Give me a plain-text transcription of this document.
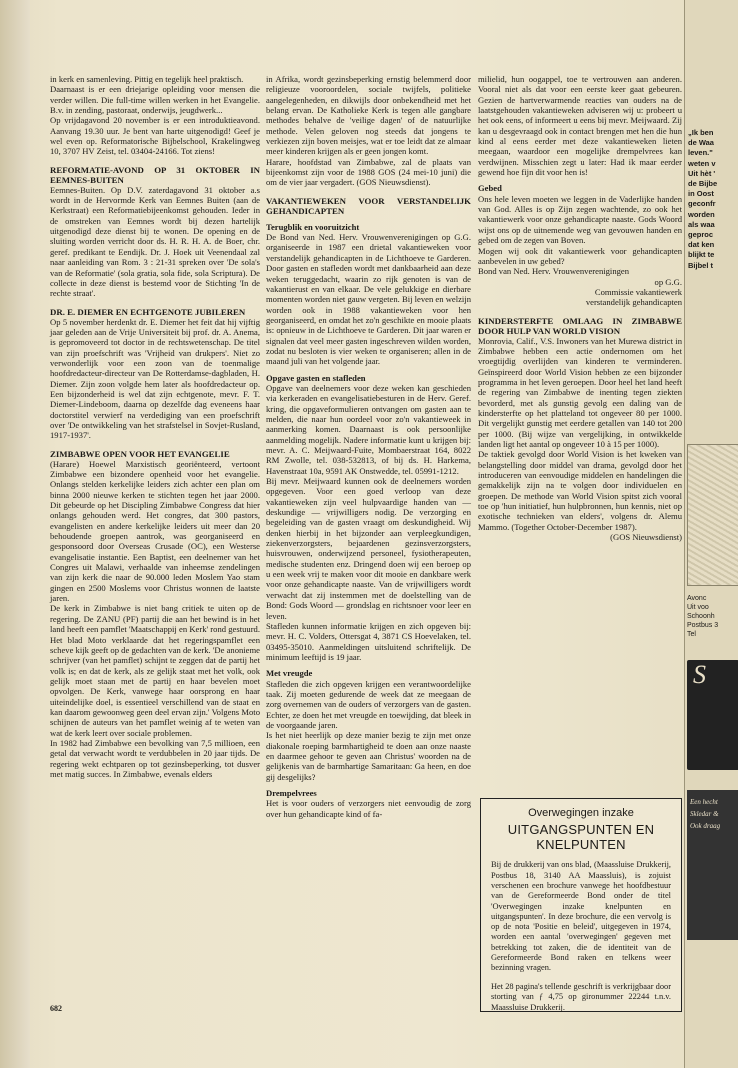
in kerk en samenleving. Pittig en tegelijk heel praktisch.

Daarnaast is er een driejarige opleiding voor mensen die verder willen. Die full-time willen werken in het Evangelie. B.v. in zending, pastoraat, onderwijs, jeugdwerk...

Op vrijdagavond 20 november is er een introduktieavond. Aanvang 19.30 uur. Je bent van harte uitgenodigd! Geef je wel even op. Reformatorische Bijbelschool, Krakelingweg 10, 3707 HV Zeist, tel. 03404-24166. Tot ziens!

REFORMATIE-AVOND OP 31 OKTOBER IN EEMNES-BUITEN

Eemnes-Buiten. Op D.V. zaterdagavond 31 oktober a.s wordt in de Hervormde Kerk van Eemnes Buiten (aan de Kerkstraat) een Reformatiebijeenkomst gehouden. Ieder in de omstreken van Eemnes wordt bij dezen hartelijk uitgenodigd deze dienst bij te wonen. De opening en de sluiting worden verricht door ds. H. R. H. A. de Boer, chr. geref. predikant te Eendijk. Dr. J. Hoek uit Veenendaal zal naar aanleiding van Rom. 3 : 21-31 spreken over 'De sola's van de Reformatie' (sola gratia, sola fide, sola Scriptura). De collecte in deze dienst is bestemd voor de Stichting 'In de rechte straat'.

DR. E. DIEMER EN ECHTGENOTE JUBILEREN

Op 5 november herdenkt dr. E. Diemer het feit dat hij vijftig jaar geleden aan de Vrije Universiteit bij prof. dr. A. Anema, is gepromoveerd tot doctor in de rechtswetenschap. De titel van zijn proefschrift was 'Vrijheid van drukpers'. Niet zo verwonderlijk voor een zoon van de toenmalige hoofdredacteur-directeur van De Rotterdamse-dagbladen, H. Diemer. Zijn zoon volgde hem later als hoofdredacteur op. Een bijzonderheid is wel dat zijn echtgenote, mevr. F. T. Diemer-Lindeboom, daarna op dezelfde dag eveneens haar doctorstitel verwierf na verdediging van een proefschrift over 'De ontwikkeling van het strafstelsel in Sovjet-Rusland, 1917-1937'.

ZIMBABWE OPEN VOOR HET EVANGELIE

(Harare) Hoewel Marxistisch georiënteerd, vertoont Zimbabwe een bizondere openheid voor het evangelie. Onlangs stelden kerkelijke leiders zich achter een plan om binna 2000 nieuwe kerken te stichten tegen het jaar 2000. Dit gebeurde op het Discipling Zimbabwe Congress dat hier onlangs gehouden werd. Het congres, dat 300 pastors, evangelisten en andere kerkelijke leiders uit meer dan 20 behoudende groepen aantrok, was georganiseerd en gesponsoord door Overseas Crusade (OC), een Westerse evangelisatie instantie. Een Baptist, een deelnemer van het Congres uit Malawi, verhaalde van inheemse zendelingen van zijn kerk die naar de 90.000 leden Moslem Yao stam gingen en 2500 Moslems voor Christus wonnen de laatste jaren.

De kerk in Zimbabwe is niet bang critiek te uiten op de regering. De ZANU (PF) partij die aan het bewind is in het land heeft een pamflet 'Maatschappij en Kerk' rond gestuurd. Het blad Moto verklaarde dat het regeringspamflet een scheve kijk geeft op de gedachten van de kerk. 'De anonieme schrijver (van het pamflet) schijnt te zeggen dat de partij het volk is; en dat de kerk, als ze gelijk staat met het volk, ook gelijk moet staan met de partij en haar bevelen moet opvolgen. De Kerk, vanwege haar oorsprong en haar uiteindelijke doel, is essentieel verschillend van de staat en kan daarom gewoonweg geen deel ervan zijn.' Volgens Moto schijnen de auteurs van het pamflet weinig af te weten van wat de kerk leert over sociale problemen.

In 1982 had Zimbabwe een bevolking van 7,5 millioen, een getal dat verwacht wordt te verdubbelen in 20 jaar tijds. De regering wekt echtparen op tot gezinsbeperking, tot dusver met matig succes. In Zimbabwe, evenals elders

in Afrika, wordt gezinsbeperking ernstig belemmerd door religieuze vooroordelen, sociale twijfels, politieke aangelegenheden, en dikwijls door onbekendheid met het belang ervan. De Katholieke Kerk is tegen alle gangbare methodes behalve de 'veilige dagen' of de natuurlijke methode. Velen geloven nog steeds dat jongens te verkiezen zijn boven meisjes, wat er toe leidt dat ze almaar meer kinderen krijgen als er geen jongen komt.

Harare, hoofdstad van Zimbabwe, zal de plaats van bijeenkomst zijn voor de 1988 GOS (24 mei-10 juni) die om de vier jaar vergadert. (GOS Nieuwsdienst).

VAKANTIEWEKEN VOOR VERSTANDELIJK GEHANDICAPTEN
Terugblik en vooruitzicht

De Bond van Ned. Herv. Vrouwenverenigingen op G.G. organiseerde in 1987 een drietal vakantieweken voor verstandelijk gehandicapten in de Lichthoeve te Garderen. Door gasten en stafleden wordt met dankbaarheid aan deze weken teruggedacht, waarin zo rijk genoten is van de vakantierust en van elkaar. De vele gelukkige en dierbare momenten worden niet gauw vergeten. Bij leven en welzijn worden ook in 1988 vakantieweken voor hen georganiseerd, en omdat het zo'n geschikte en mooie plaats is: opnieuw in de Lichthoeve te Garderen. Dit jaar waren er signalen dat veel meer gasten ingeschreven wilden worden, zodat nu besloten is vier weken te organiseren; allen in de maand juli van het volgende jaar.

Opgave gasten en stafleden

Opgave van deelnemers voor deze weken kan geschieden via kerkeraden en evangelisatiebesturen in de Herv. Geref. kring, die opgaveformulieren ontvangen om gasten aan te melden, die naar hun oordeel voor zo'n vakantieweek in aanmerking komen. Daarnaast is ook persoonlijke aanmelding mogelijk. Nadere informatie kunt u krijgen bij: mevr. A. C. Meijwaard-Fuite, Mombaerstraat 164, 8022 RM Zwolle, tel. 038-532813, of bij ds. H. Harkema, Havenstraat 10a, 9591 AK Onstwedde, tel. 05991-1212.

Bij mevr. Meijwaard kunnen ook de deelnemers worden opgegeven. Voor een goed verloop van deze vakantieweken zijn veel hulpvaardige handen van — deskundige — vrijwilligers nodig. De verzorging en begeleiding van de gasten vraagt om deskundigheid. Wij denken hierbij in het bijzonder aan verpleegkundigen, ziekenverzorgsters, bejaardenen gezinsverzorgsters, huisvrouwen, onderwijzend personeel, fysiotherapeuten, medische studenten enz. Dringend doen wij een beroep op u een week vrij te maken voor dit mooie en dankbare werk voor onze gehandicapte naaste. Van de vrijwilligers wordt verwacht dat zij instemmen met de doelstelling van de Bond: Gods Woord — grondslag en richtsnoer voor leer en leven.

Stafleden kunnen informatie krijgen en zich opgeven bij: mevr. H. C. Volders, Ottersgat 4, 3871 CS Hoevelaken, tel. 03495-35010. Aanmeldingen uitsluitend schriftelijk. De minimum leeftijd is 19 jaar.

Met vreugde

Stafleden die zich opgeven krijgen een verantwoordelijke taak. Zij moeten gedurende de week dat ze meegaan de zorg overnemen van de ouders of verzorgers van de gasten. Echter, ze doen het met vreugde en toewijding, dat bleek in de voorgaande jaren.

Is het niet heerlijk op deze manier bezig te zijn met onze diakonale roeping barmhartigheid te doen aan onze naaste en daarmee gehoor te geven aan Christus' woorden na de gelijkenis van de barmhartige Samaritaan: Ga heen, en doe gij desgelijks?

Drempelvrees

Het is voor ouders of verzorgers niet eenvoudig de zorg over hun gehandicapte kind of fa-

milielid, hun oogappel, toe te vertrouwen aan anderen. Vooral niet als dat voor een eerste keer gaat gebeuren. Gezien de hartverwarmende reacties van ouders na de laatstgehouden vakantieweken adviseren wij u: probeert u het ook eens, of informeert u eens bij mevr. Meijwaard. Zij kan u desgevraagd ook in contact brengen met hen die hun kind al eens eerder met deze vakantieweken lieten meegaan, waardoor een mogelijke drempelvrees kan verdwijnen. Misschien zegt u later: Had ik maar eerder gewend hoe fijn dit voor hen is!

Gebed

Ons hele leven moeten we leggen in de Vaderlijke handen van God. Alles is op Zijn zegen wachtende, zo ook het vakantiewerk voor onze gehandicapte naaste. Gods Woord wijst ons op de uitnemende weg van gevouwen handen en gebed om de zegen van Boven.

Mogen wij ook dit vakantiewerk voor gehandicapten aanbevelen in uw gebed?

Bond van Ned. Herv. Vrouwenverenigingen

op G.G.

Commissie vakantiewerk

verstandelijk gehandicapten

KINDERSTERFTE OMLAAG IN ZIMBABWE DOOR HULP VAN WORLD VISION

Monrovia, Calif., V.S. Inwoners van het Murewa district in Zimbabwe hebben een actie ondernomen om het vroegtijdig overlijden van kinderen te verminderen. Geïnspireerd door World Vision hebben ze een bijzonder programma in het leven geroepen. Door heel het land heeft de regering van Zimbabwe de inenting tegen ziekten bevorderd, met als gunstig gevolg een daling van de kindersterfte op het platteland tot ongeveer 80 per 1000. Dit vergelijkt gunstig met eerdere getallen van 140 tot 200 per 1000. (Bij wijze van vergelijking, in ontwikkelde landen ligt het aantal op ongeveer 10 à 15 per 1000).

De taktiek gevolgd door World Vision is het kweken van belangstelling door middel van drama, gevolgd door het introduceren van eenvoudige middelen en handelingen die gemakkelijk zijn na te volgen door individuelen en groepen. De methode van World Vision spitst zich vooral toe op 'hun initiatief, hun hulpbronnen, hun kennis, niet op exotische technieken van elders', volgens dr. Alemu Mammo. (Together October-December 1987).

(GOS Nieuwsdienst)

Overwegingen inzake
UITGANGSPUNTEN EN
KNELPUNTEN

Bij de drukkerij van ons blad, (Maassluise Drukkerij, Postbus 18, 3140 AA Maassluis), is zojuist verschenen een brochure vanwege het hoofdbestuur van de Gereformeerde Bond onder de titel 'Overwegingen inzake knelpunten en uitgangspunten'. In deze brochure, die een vervolg is op de nota 'Positie en beleid', uitgegeven in 1974, worden een aantal 'overwegingen' gegeven met betrekking tot zaken, die de identiteit van de Gereformeerde Bond raken en telkens weer bezinning vragen.

Het 28 pagina's tellende geschrift is verkrijgbaar door storting van ƒ 4,75 op gironummer 22244 t.n.v. Maassluise Drukkerij.

682
„Ik ben
de Waa
leven."
weten v
Uit hèt '
de Bijbe
in Oost
geconfr
worden
als waa
geproc
dat ken
blijkt te
Bijbel t
Avonc
Uit voo
Schoonh
Postbus 3
Tel
S
Een hecht
Skledar &
Ook draag
